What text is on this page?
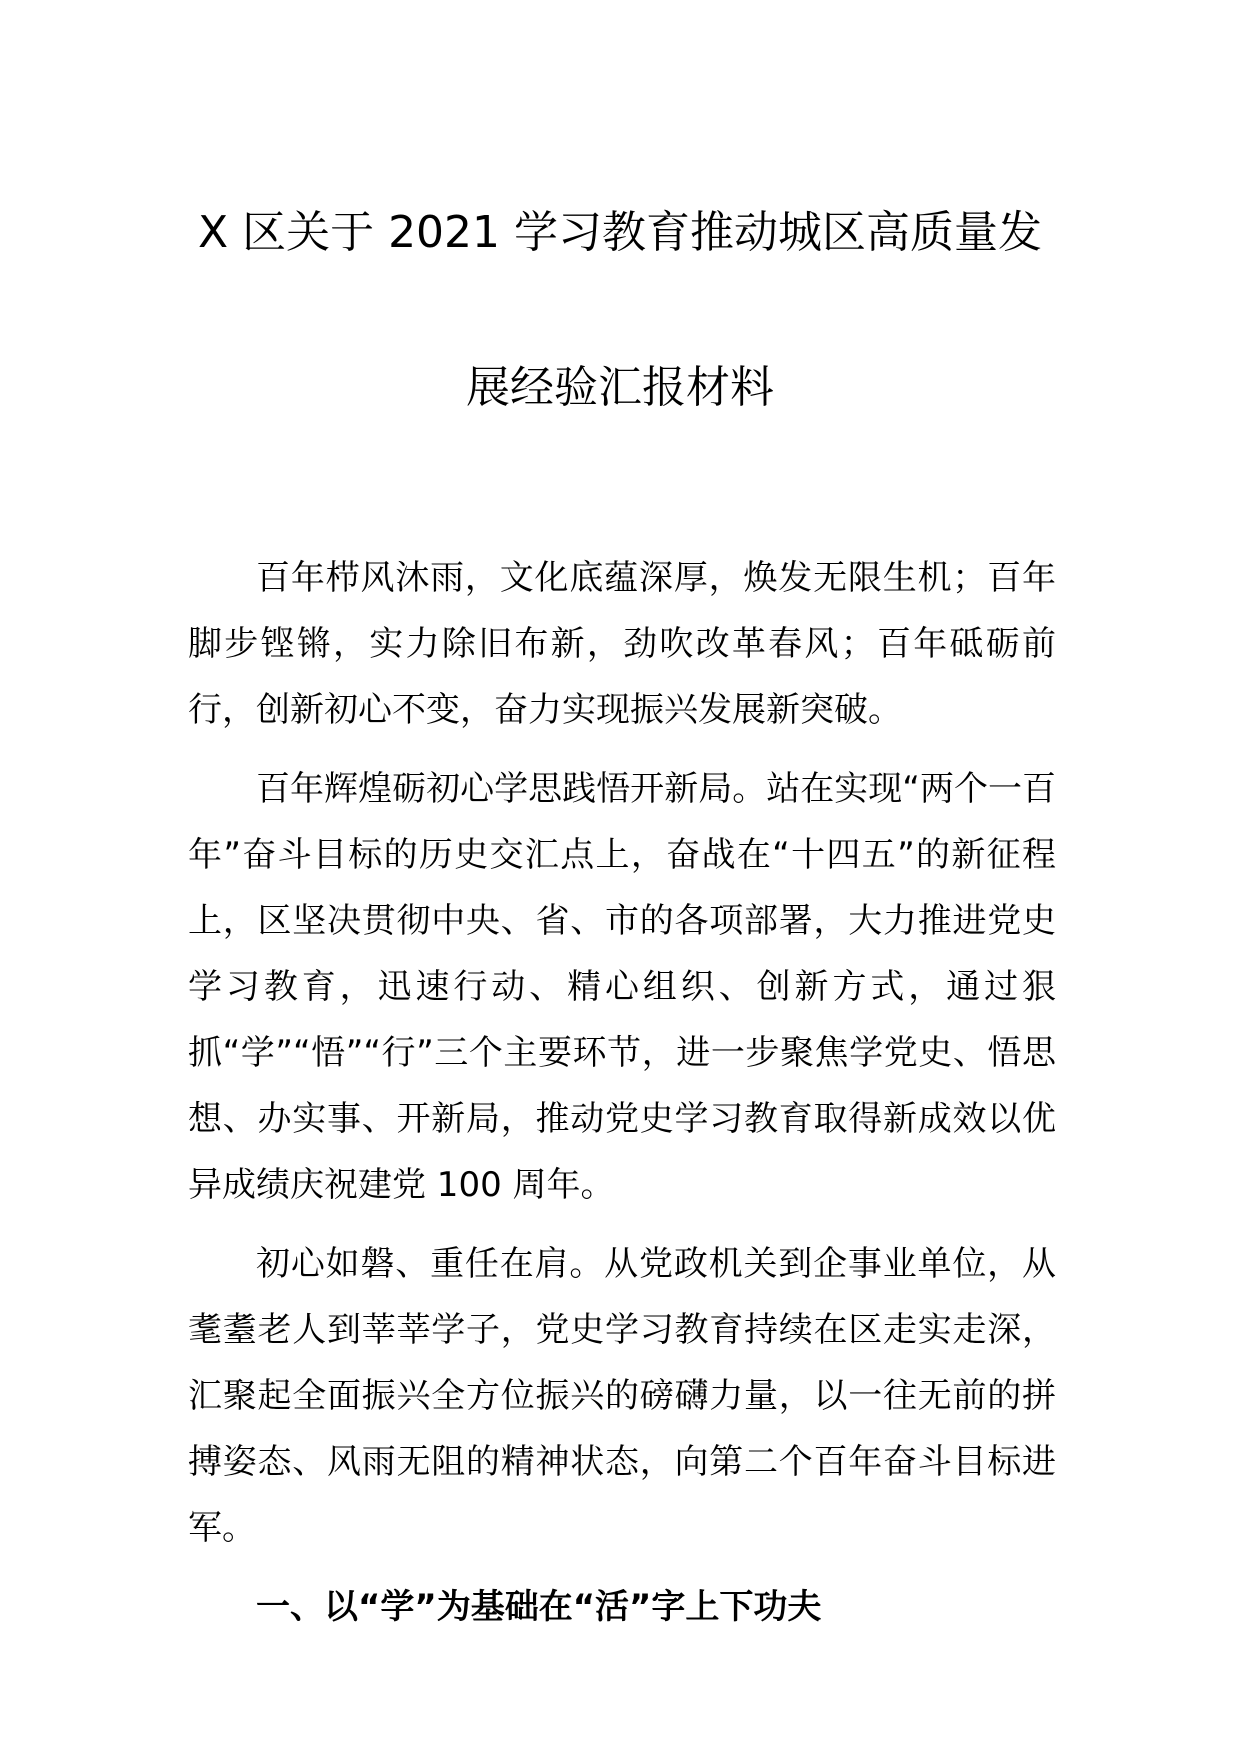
X 区关于 2021 学习教育推动城区高质量发
展经验汇报材料

百年栉风沐雨，文化底蕴深厚，焕发无限生机；百年脚步铿锵，实力除旧布新，劲吹改革春风；百年砥砺前行，创新初心不变，奋力实现振兴发展新突破。

百年辉煌砺初心学思践悟开新局。站在实现“两个一百年”奋斗目标的历史交汇点上，奋战在“十四五”的新征程上，区坚决贯彻中央、省、市的各项部署，大力推进党史学习教育，迅速行动、精心组织、创新方式，通过狠抓“学”“悟”“行”三个主要环节，进一步聚焦学党史、悟思想、办实事、开新局，推动党史学习教育取得新成效以优异成绩庆祝建党 100 周年。

初心如磐、重任在肩。从党政机关到企事业单位，从耄耋老人到莘莘学子，党史学习教育持续在区走实走深，汇聚起全面振兴全方位振兴的磅礴力量，以一往无前的拼搏姿态、风雨无阻的精神状态，向第二个百年奋斗目标进军。

一、以“学”为基础在“活”字上下功夫
